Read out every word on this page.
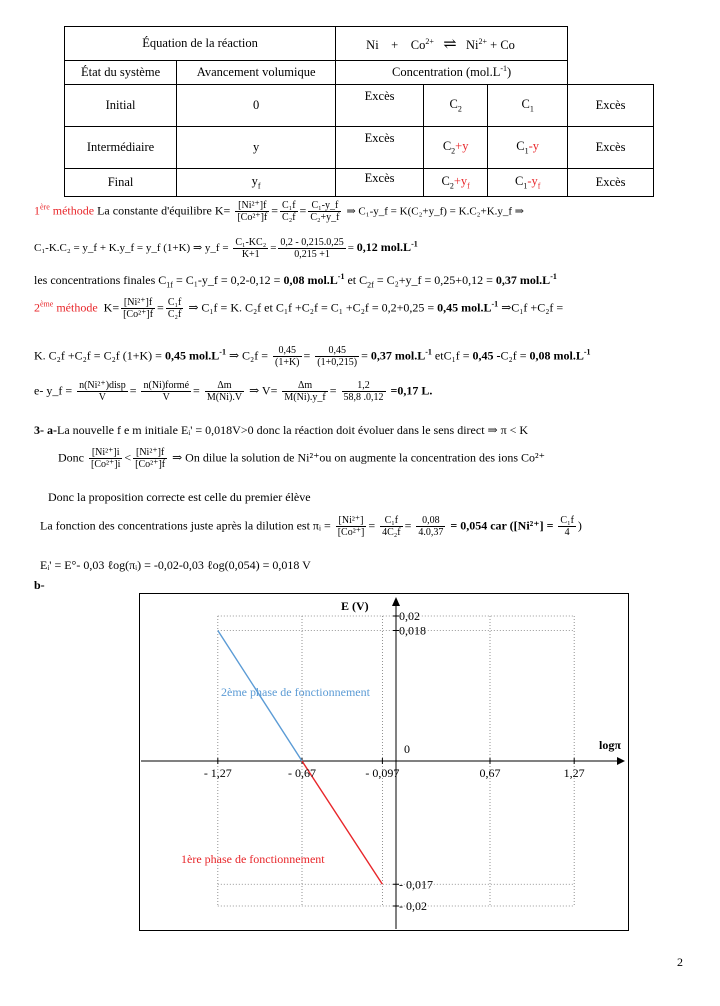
Équation de la réaction		$Ni + Co^{2+}$ ⇌ $Ni^{2+} + Co$			
État du système	Avancement volumique	Concentration $(mol.L^{-1})$			
Initial	0	Excès	$C_2$	$C_1$	Excès
Intermédiaire	y	Excès	$C_2+y$	$C_1-y$	Excès
Final	$y_f$	Excès	$C_2+y_f$	$C_1-y_f$	Excès
1ère méthode La constante d'équilibre $K= \frac{\text{[Ni²⁺]f}}{\text{[Co²⁺]f}} = \frac{\text{C₁f}}{\text{C₂f}} = \frac{\text{C₁-y\_f}}{\text{C₂+y\_f}}$ ⇒ C₁-y_f = K(C₂+y_f) = K.C₂+K.y_f ⇒
C₁-K.C₂ = y_f + K.y_f = y_f (1+K) ⇒ y_f = $\frac{\text{C₁-KC₂}}{K+1} = \frac{0,2 - 0,215.0,25}{0,215 +1} = 0,12$ $mol.L^{-1}$
les concentrations finales $C_{1f}$ = C₁-y_f = 0,2-0,12 = 0,08 $mol.L^{-1}$ et $C_{2f}$ = C₂+y_f = 0,25+0,12 = 0,37 $mol.L^{-1}$
2ème méthode $K= \frac{\text{[Ni²⁺]f}}{\text{[Co²⁺]f}} = \frac{\text{C₁f}}{\text{C₂f}}$ ⇒ C₁f = K. C₂f et C₁f +C₂f = C₁ +C₂f = 0,2+0,25 = 0,45 $mol.L^{-1}$ ⇒C₁f +C₂f =
K. C₂f +C₂f = C₂f (1+K) = 0,45 $mol.L^{-1}$ ⇒ $C_2f = \frac{0,45}{(1+K)} = \frac{0,45}{(1+0,215)} = 0,37$ $mol.L^{-1}$ etC₁f = 0,45 -C₂f = 0,08 $mol.L^{-1}$
e- y_f = $\frac{\text{n(Ni²⁺)disp}}{V} = \frac{\text{n(Ni)formé}}{V} = \frac{\Delta m}{M(Ni).V}$ ⇒ $V= \frac{\Delta m}{M(Ni).y\_f} = \frac{1,2}{58,8 .0,12} =0,17$ L.
3- a-La nouvelle f e m initiale Eᵢ' = 0,018V>0 donc la réaction doit évoluer dans le sens direct ⇒ π < K
Donc $\frac{\text{[Ni²⁺]i}}{\text{[Co²⁺]i}} < \frac{\text{[Ni²⁺]f}}{\text{[Co²⁺]f}}$ ⇒ On dilue la solution de Ni²⁺ou on augmente la concentration des ions Co²⁺
Donc la proposition correcte est celle du premier élève
La fonction des concentrations juste après la dilution est πᵢ = $\frac{\text{[Ni²⁺]}}{\text{[Co²⁺]}} = \frac{\text{C₁f}}{\text{4C₂f}} = \frac{0,08}{4.0,37} = 0,054$ car ($[Ni^{2+}] = \frac{\text{C₁f}}{4}$ )
Eᵢ' = E°- 0,03 ℓog(πᵢ) = -0,02-0,03 ℓog(0,054) = 0,018 V
b-
- 1,27	- 0,67	- 0,097	0,67	1,27
0,02
0,018
- 0,017
- 0,02
E (V)
logπ
0
2ème phase de fonctionnement
1ère phase de fonctionnement
2
